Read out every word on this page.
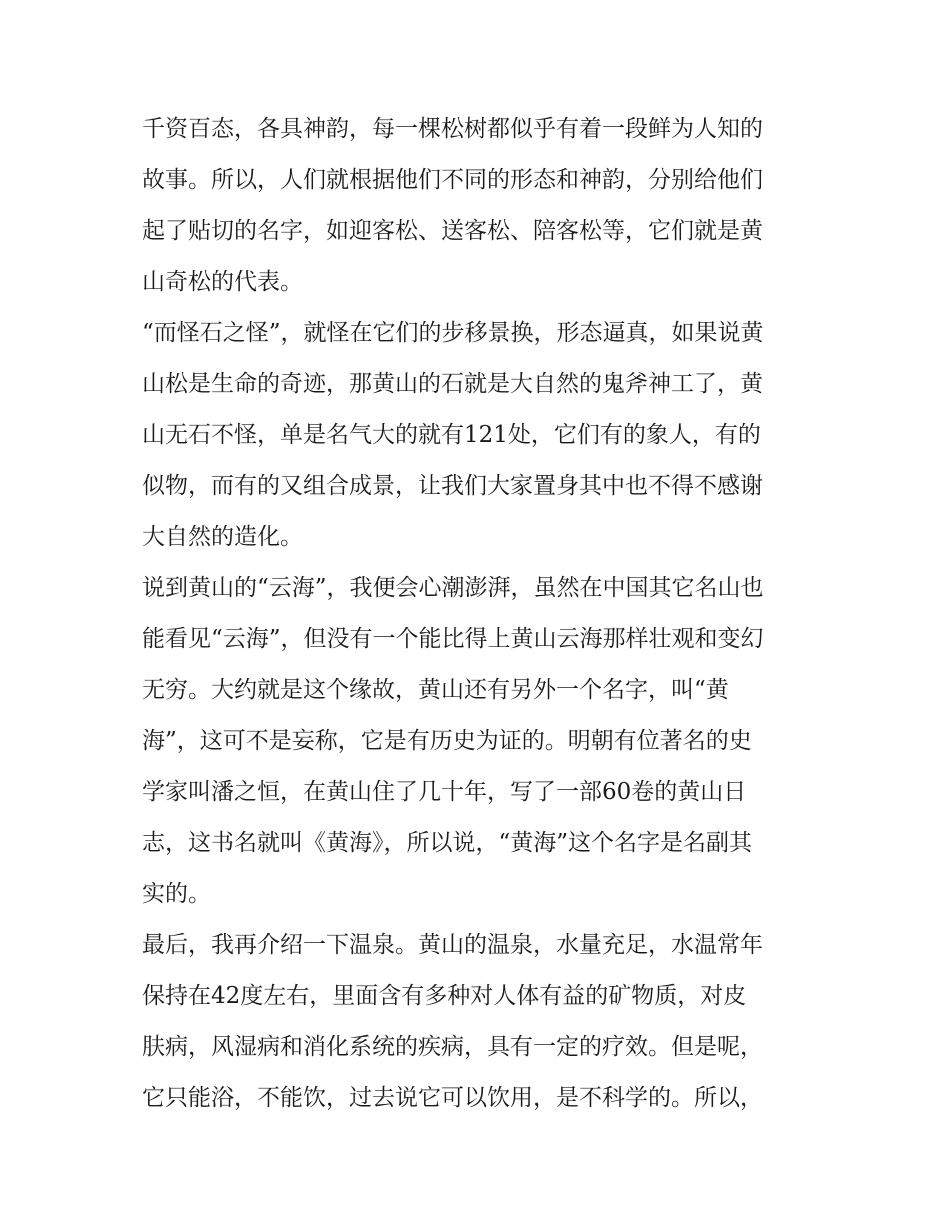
千资百态，各具神韵，每一棵松树都似乎有着一段鲜为人知的
故事。所以，人们就根据他们不同的形态和神韵，分别给他们
起了贴切的名字，如迎客松、送客松、陪客松等，它们就是黄
山奇松的代表。
“而怪石之怪”，就怪在它们的步移景换，形态逼真，如果说黄
山松是生命的奇迹，那黄山的石就是大自然的鬼斧神工了，黄
山无石不怪，单是名气大的就有121处，它们有的象人，有的
似物，而有的又组合成景，让我们大家置身其中也不得不感谢
大自然的造化。
说到黄山的“云海”，我便会心潮澎湃，虽然在中国其它名山也
能看见“云海”，但没有一个能比得上黄山云海那样壮观和变幻
无穷。大约就是这个缘故，黄山还有另外一个名字，叫“黄
海”，这可不是妄称，它是有历史为证的。明朝有位著名的史
学家叫潘之恒，在黄山住了几十年，写了一部60卷的黄山日
志，这书名就叫《黄海》，所以说，“黄海”这个名字是名副其
实的。
最后，我再介绍一下温泉。黄山的温泉，水量充足，水温常年
保持在42度左右，里面含有多种对人体有益的矿物质，对皮
肤病，风湿病和消化系统的疾病，具有一定的疗效。但是呢，
它只能浴，不能饮，过去说它可以饮用，是不科学的。所以，
